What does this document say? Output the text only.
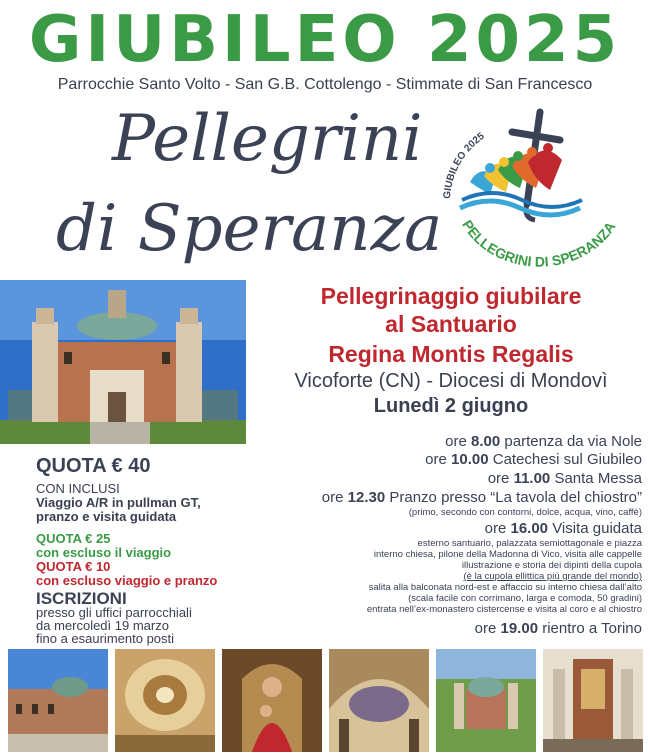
GIUBILEO 2025
Parrocchie Santo Volto - San G.B. Cottolengo - Stimmate di San Francesco
Pellegrini
di Speranza GIUBILEO 2025
PELLEGRINI DI SPERANZA
Pellegrinaggio giubilare
al Santuario
Regina Montis Regalis
Vicoforte (CN) - Diocesi di Mondovì
Lunedì 2 giugno
QUOTA € 40
CON INCLUSI
Viaggio A/R in pullman GT,
pranzo e visita guidata
QUOTA € 25
con escluso il viaggio
QUOTA € 10
con escluso viaggio e pranzo
ISCRIZIONI
presso gli uffici parrocchiali
da mercoledì 19 marzo
fino a esaurimento posti
ore 8.00 partenza da via Nole
ore 10.00 Catechesi sul Giubileo
ore 11.00 Santa Messa
ore 12.30 Pranzo presso “La tavola del chiostro”
(primo, secondo con contorni, dolce, acqua, vino, caffè)
ore 16.00 Visita guidata
esterno santuario, palazzata semiottagonale e piazza
interno chiesa, pilone della Madonna di Vico, visita alle cappelle
illustrazione e storia dei dipinti della cupola
(è la cupola ellittica più grande del mondo)
salita alla balconata nord-est e affaccio su interno chiesa dall’alto
(scala facile con corrimano, larga e comoda, 50 gradini)
entrata nell’ex-monastero cistercense e visita al coro e al chiostro
ore 19.00 rientro a Torino
